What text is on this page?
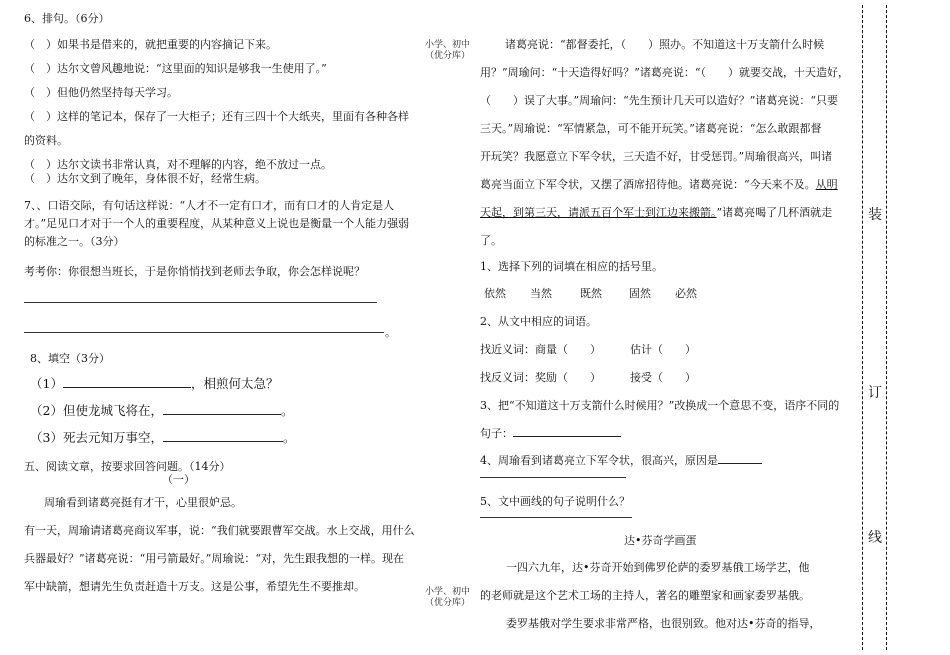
6、排句。（6分）
（　）如果书是借来的，就把重要的内容摘记下来。
（　）达尔文曾风趣地说：“这里面的知识是够我一生使用了。”
（　）但他仍然坚持每天学习。
（　）这样的笔记本，保存了一大柜子；还有三四十个大纸夹，里面有各种各样
的资料。
（　）达尔文读书非常认真，对不理解的内容，绝不放过一点。
（　）达尔文到了晚年，身体很不好，经常生病。
7、、口语交际，有句话这样说：“人才不一定有口才，而有口才的人肯定是人
才。”足见口才对于一个人的重要程度，从某种意义上说也是衡量一个人能力强弱
的标准之一。（3分）
考考你：你很想当班长，于是你悄悄找到老师去争取，你会怎样说呢？
。
8、填空（3分）
（1）	，相煎何太急？
（2）但使龙城飞将在，	。
（3）死去元知万事空，	。
五、阅读文章，按要求回答问题。（14分）
（一）
周瑜看到诸葛亮挺有才干，心里很妒忌。
有一天，周瑜请诸葛亮商议军事，说：“我们就要跟曹军交战。水上交战，用什么
兵器最好？”诸葛亮说：“用弓箭最好。”周瑜说：“对，先生跟我想的一样。现在
军中缺箭，想请先生负责赶造十万支。这是公事，希望先生不要推却。
小学、初中
（优分库）
小学、初中
（优分库）
诸葛亮说：“都督委托，（　　）照办。不知道这十万支箭什么时候
用？”周瑜问：“十天造得好吗？”诸葛亮说：“（　　）就要交战，十天造好，
（　　）误了大事。”周瑜问：“先生预计几天可以造好？”诸葛亮说：“只要
三天。”周瑜说：“军情紧急，可不能开玩笑。”诸葛亮说：“怎么敢跟都督
开玩笑？我愿意立下军令状，三天造不好，甘受惩罚。”周瑜很高兴，叫诸
葛亮当面立下军令状，又摆了酒席招待他。诸葛亮说：“今天来不及。从明
天起，到第三天，请派五百个军士到江边来搬箭。”诸葛亮喝了几杯酒就走
了。
1、选择下列的词填在相应的括号里。
依然 当然	既然 固然 必然
2、从文中相应的词语。
找近义词：商量（　　）	估计（　　）
找反义词：奖励（　　）	接受（　　）
3、把“不知道这十万支箭什么时候用？”改换成一个意思不变，语序不同的
句子：
4、周瑜看到诸葛亮立下军令状，很高兴，原因是
5、文中画线的句子说明什么？
达•芬奇学画蛋
一四六九年，达•芬奇开始到佛罗伦萨的委罗基俄工场学艺，他
的老师就是这个艺术工场的主持人，著名的雕塑家和画家委罗基俄。
委罗基俄对学生要求非常严格，也很别致。他对达•芬奇的指导，
装
订
线
